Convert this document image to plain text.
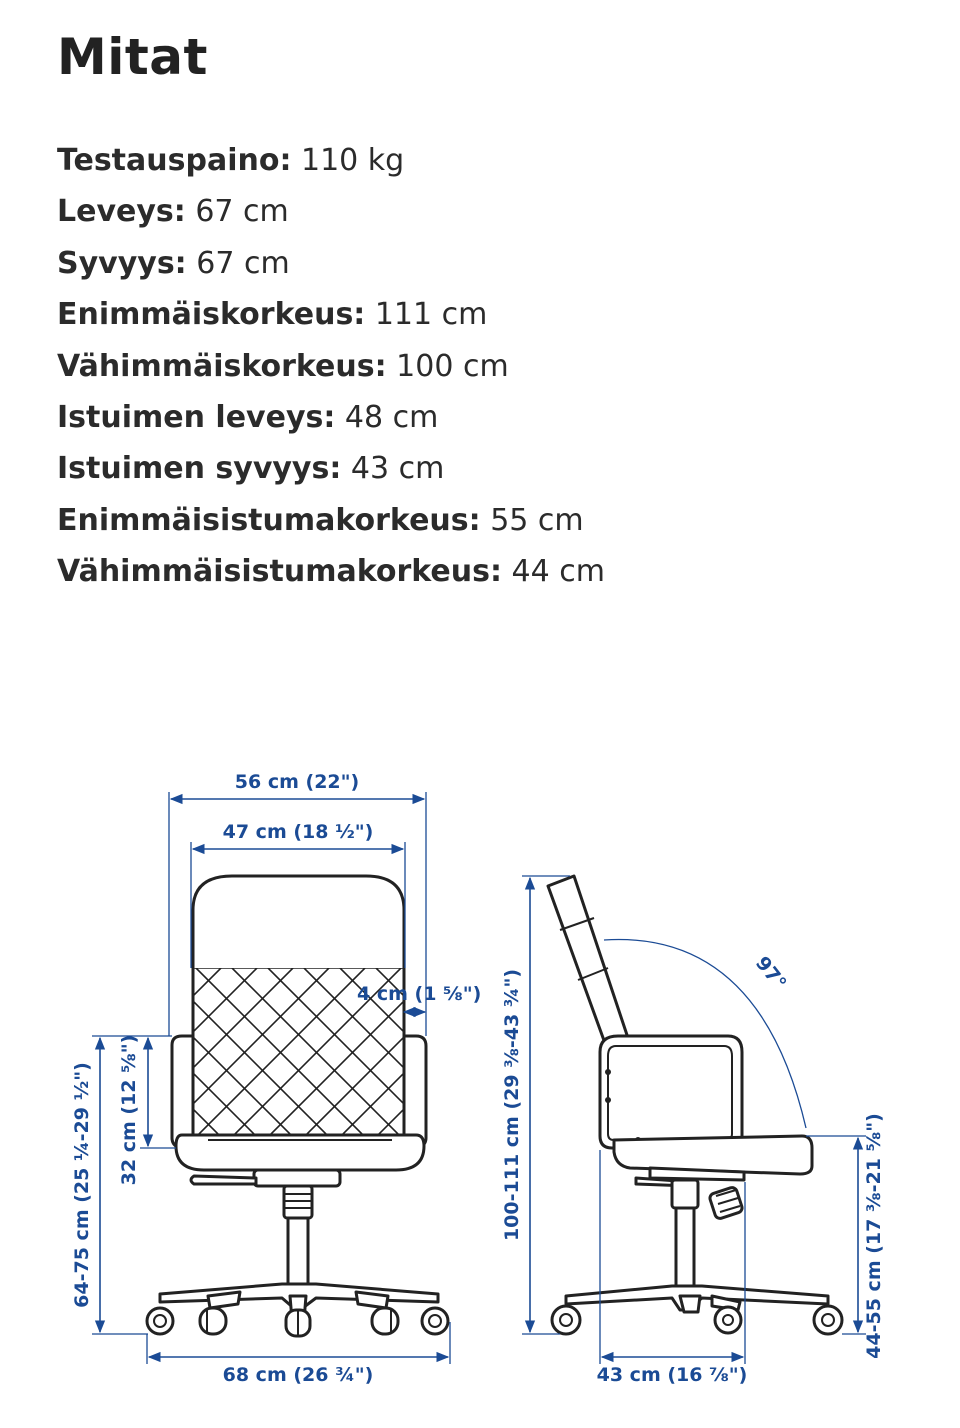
Mitat
Testauspaino: 110 kg
Leveys: 67 cm
Syvyys: 67 cm
Enimmäiskorkeus: 111 cm
Vähimmäiskorkeus: 100 cm
Istuimen leveys: 48 cm
Istuimen syvyys: 43 cm
Enimmäisistumakorkeus: 55 cm
Vähimmäisistumakorkeus: 44 cm
56 cm (22")
47 cm (18 ½")
4 cm (1 ⅝")
32 cm (12 ⅝")
64-75 cm (25 ¼-29 ½")
68 cm (26 ¾")
97°
100-111 cm (29 ⅜-43 ¾")	44-55 cm (17 ⅜-21 ⅝")
43 cm (16 ⅞")
